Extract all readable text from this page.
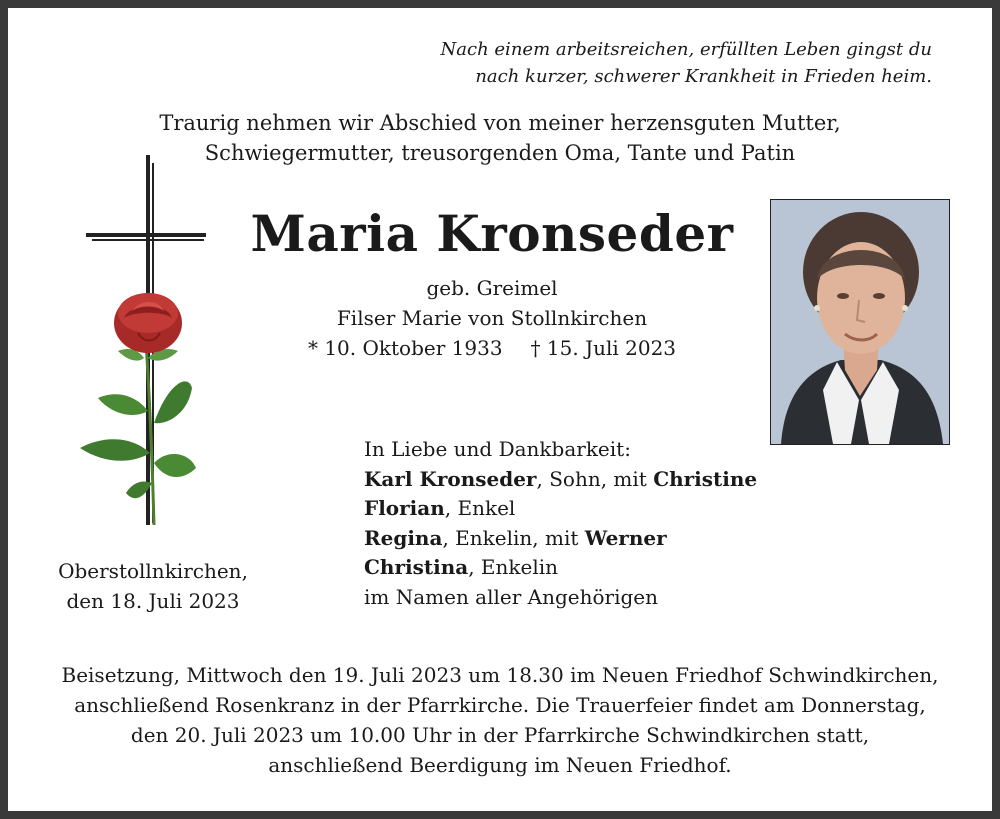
Nach einem arbeitsreichen, erfüllten Leben gingst du
nach kurzer, schwerer Krankheit in Frieden heim.
Traurig nehmen wir Abschied von meiner herzensguten Mutter,
Schwiegermutter, treusorgenden Oma, Tante und Patin
Maria Kronseder
geb. Greimel
Filser Marie von Stollnkirchen
* 10. Oktober 1933 † 15. Juli 2023
In Liebe und Dankbarkeit:
Karl Kronseder, Sohn, mit Christine
Florian, Enkel
Regina, Enkelin, mit Werner
Christina, Enkelin
im Namen aller Angehörigen
Oberstollnkirchen,
den 18. Juli 2023
Beisetzung, Mittwoch den 19. Juli 2023 um 18.30 im Neuen Friedhof Schwindkirchen,
anschließend Rosenkranz in der Pfarrkirche. Die Trauerfeier findet am Donnerstag,
den 20. Juli 2023 um 10.00 Uhr in der Pfarrkirche Schwindkirchen statt,
anschließend Beerdigung im Neuen Friedhof.
